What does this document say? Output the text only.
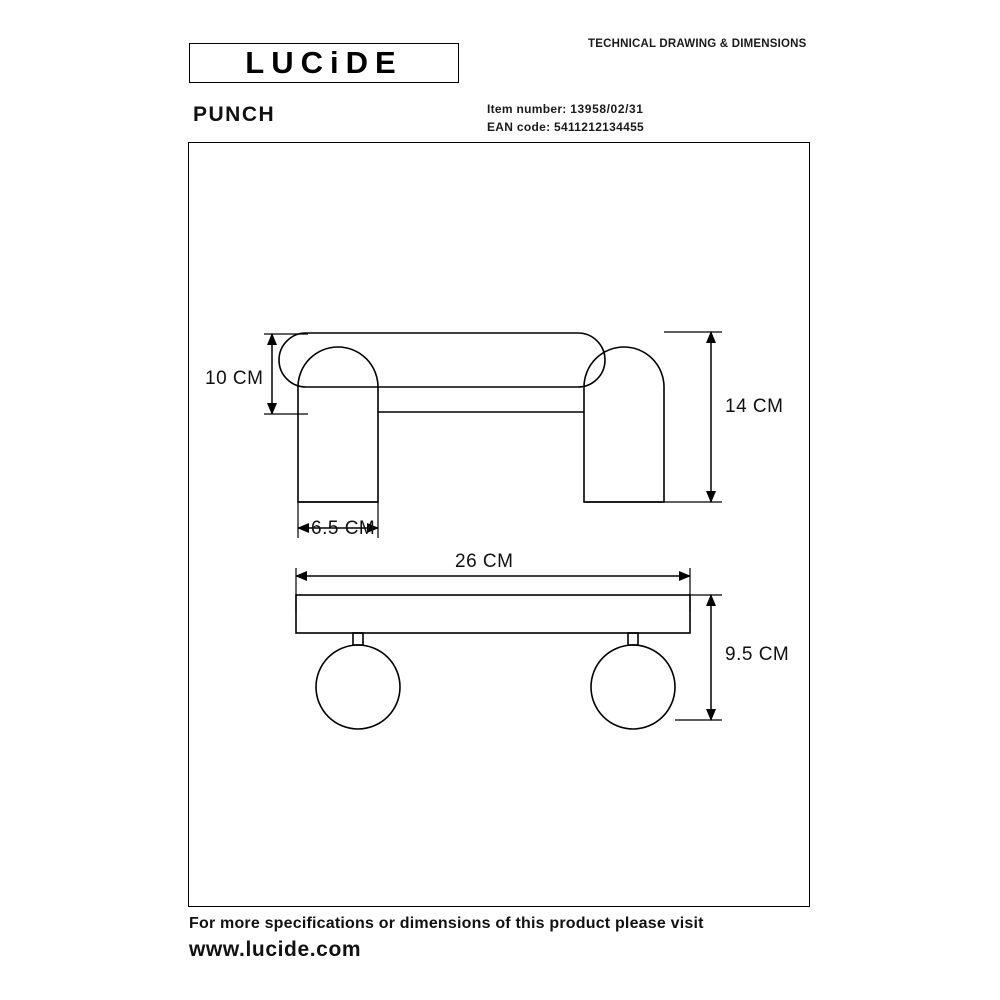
TECHNICAL DRAWING & DIMENSIONS
LUCiDE
PUNCH	Item number: 13958/02/31
EAN code: 5411212134455
10 CM
14 CM
6.5 CM
26 CM
9.5 CM
For more specifications or dimensions of this product please visit
www.lucide.com
